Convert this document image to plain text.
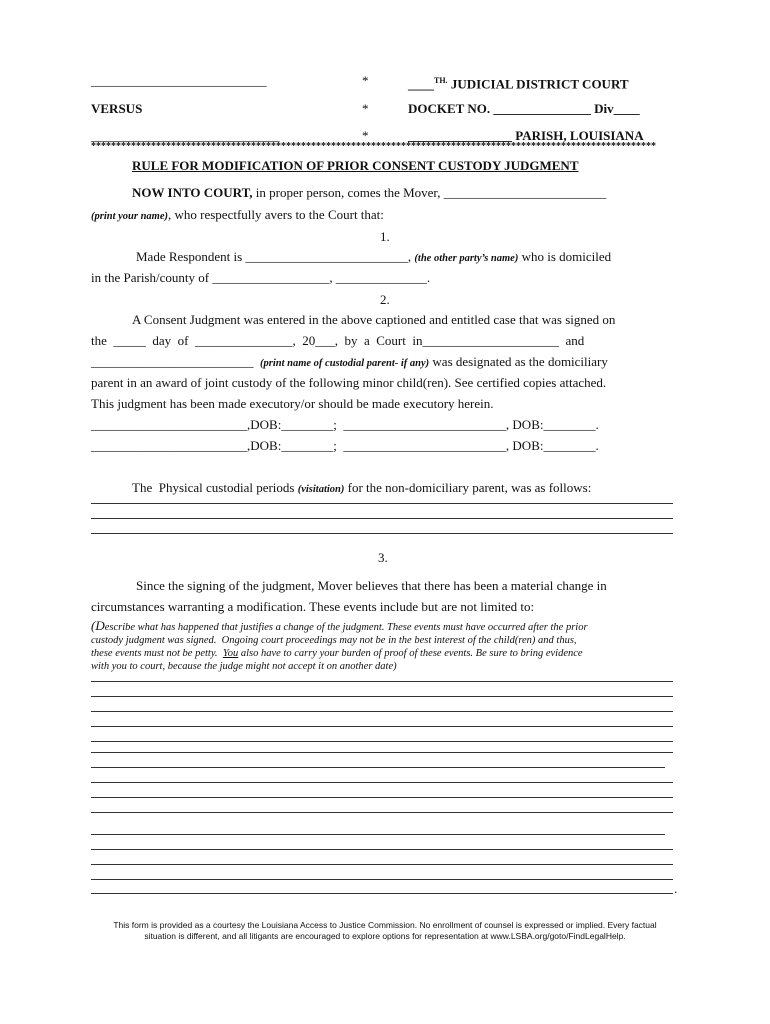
___________________________	*	____$^{TH.}$ JUDICIAL DISTRICT COURT
VERSUS	*	DOCKET NO. _______________ Div____
_____________________________	*	________________ PARISH, LOUISIANA
*****************************************************************************************************************
RULE FOR MODIFICATION OF PRIOR CONSENT CUSTODY JUDGMENT
NOW INTO COURT, in proper person, comes the Mover, _________________________
(print your name), who respectfully avers to the Court that:
1.
Made Respondent is _________________________, (the other party’s name) who is domiciled
in the Parish/county of __________________, ______________.
2.
A Consent Judgment was entered in the above captioned and entitled case that was signed on
the  _____  day  of  _______________,  20___,  by  a  Court  in_____________________  and
_________________________  (print name of custodial parent- if any) was designated as the domiciliary
parent in an award of joint custody of the following minor child(ren). See certified copies attached.
This judgment has been made executory/or should be made executory herein.
________________________,DOB:________;  _________________________, DOB:________.
________________________,DOB:________;  _________________________, DOB:________.
The  Physical custodial periods (visitation) for the non-domiciliary parent, was as follows:
3.
Since the signing of the judgment, Mover believes that there has been a material change in
circumstances warranting a modification. These events include but are not limited to:
(Describe what has happened that justifies a change of the judgment. These events must have occurred after the prior
custody judgment was signed.  Ongoing court proceedings may not be in the best interest of the child(ren) and thus,
these events must not be petty.  You also have to carry your burden of proof of these events. Be sure to bring evidence
with you to court, because the judge might not accept it on another date)
.
This form is provided as a courtesy the Louisiana Access to Justice Commission. No enrollment of counsel is expressed or implied. Every factual
situation is different, and all litigants are encouraged to explore options for representation at www.LSBA.org/goto/FindLegalHelp.
